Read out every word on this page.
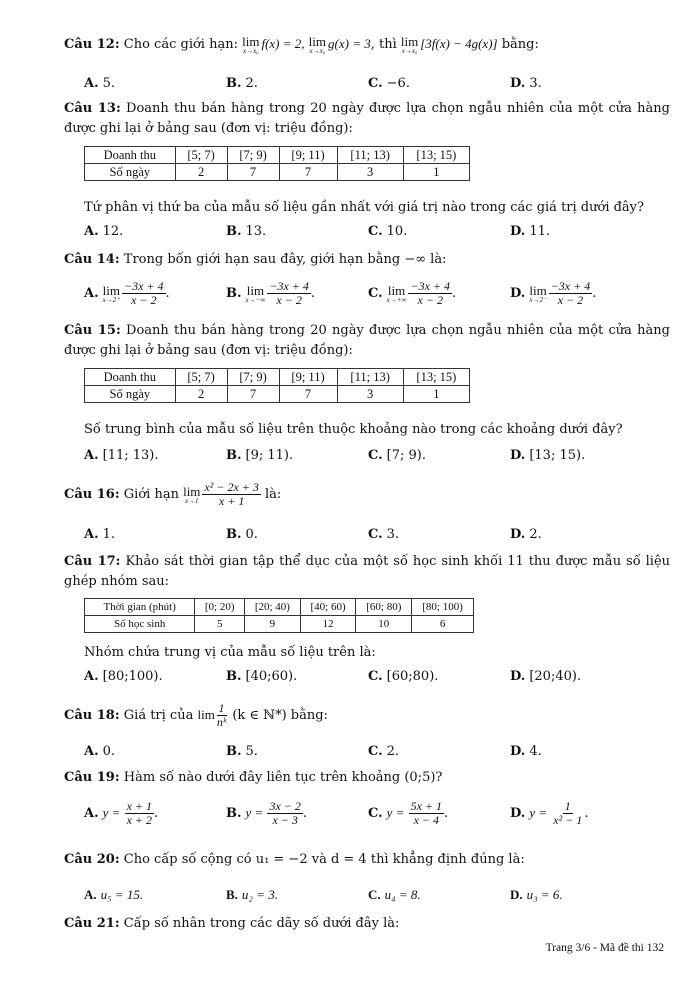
Câu 12: Cho các giới hạn: lim
x→x₀ f(x) = 2, lim
x→x₀ g(x) = 3, thì lim
x→x₀ [3f(x) − 4g(x)] bằng:
A. 5.	B. 2.	C. −6.	D. 3.
Câu 13: Doanh thu bán hàng trong 20 ngày được lựa chọn ngẫu nhiên của một cửa hàng được ghi lại ở bảng sau (đơn vị: triệu đồng):
Doanh thu	[5; 7)	[7; 9)	[9; 11)	[11; 13)	[13; 15)
Số ngày	2	7	7	3	1
Tứ phân vị thứ ba của mẫu số liệu gần nhất với giá trị nào trong các giá trị dưới đây?
A. 12.	B. 13.	C. 10.	D. 11.
Câu 14: Trong bốn giới hạn sau đây, giới hạn bằng −∞ là:
A. lim
$x\to 2^+ \frac{-3x + 4}{x - 2}$ .	B. lim
$x\to-\infty \frac{-3x + 4}{x - 2}$ .	C. lim
$x\to+\infty \frac{-3x + 4}{x - 2}$ .	D. lim
$x\to 2^- \frac{-3x + 4}{x - 2}$ .
Câu 15: Doanh thu bán hàng trong 20 ngày được lựa chọn ngẫu nhiên của một cửa hàng được ghi lại ở bảng sau (đơn vị: triệu đồng):
Doanh thu	[5; 7)	[7; 9)	[9; 11)	[11; 13)	[13; 15)
Số ngày	2	7	7	3	1
Số trung bình của mẫu số liệu trên thuộc khoảng nào trong các khoảng dưới đây?
A. [11; 13).	B. [9; 11).	C. [7; 9).	D. [13; 15).
Câu 16: Giới hạn lim
$x\to 1 \frac{\text{x² − 2x + 3}}{x + 1}$ là:
A. 1.	B. 0.	C. 3.	D. 2.
Câu 17: Khảo sát thời gian tập thể dục của một số học sinh khối 11 thu được mẫu số liệu ghép nhóm sau:
Thời gian (phút)	[0; 20)	[20; 40)	[40; 60)	[60; 80)	[80; 100)
Số học sinh	5	9	12	10	6
Nhóm chứa trung vị của mẫu số liệu trên là:
A. [80;100).	B. [40;60).	C. [60;80).	D. [20;40).
Câu 18: Giá trị của $\lim \frac{1}{\text{nᵏ}} (k$ ∈ ℕ*) bằng:
A. 0.	B. 5.	C. 2.	D. 4.
Câu 19: Hàm số nào dưới đây liên tục trên khoảng (0;5)?
A. $y = \frac{x + 1}{x + 2}$ .	B. $y = \frac{3x - 2}{x - 3}$ .	C. $y = \frac{5x + 1}{x - 4}$ .	D. $y = \frac{1}{\text{x² − 1}}$ .
Câu 20: Cho cấp số cộng có u₁ = −2 và d = 4 thì khẳng định đúng là:
A. u₅ = 15.	B. u₂ = 3.	C. u₄ = 8.	D. u₃ = 6.
Câu 21: Cấp số nhân trong các dãy số dưới đây là:
Trang 3/6 - Mã đề thi 132
